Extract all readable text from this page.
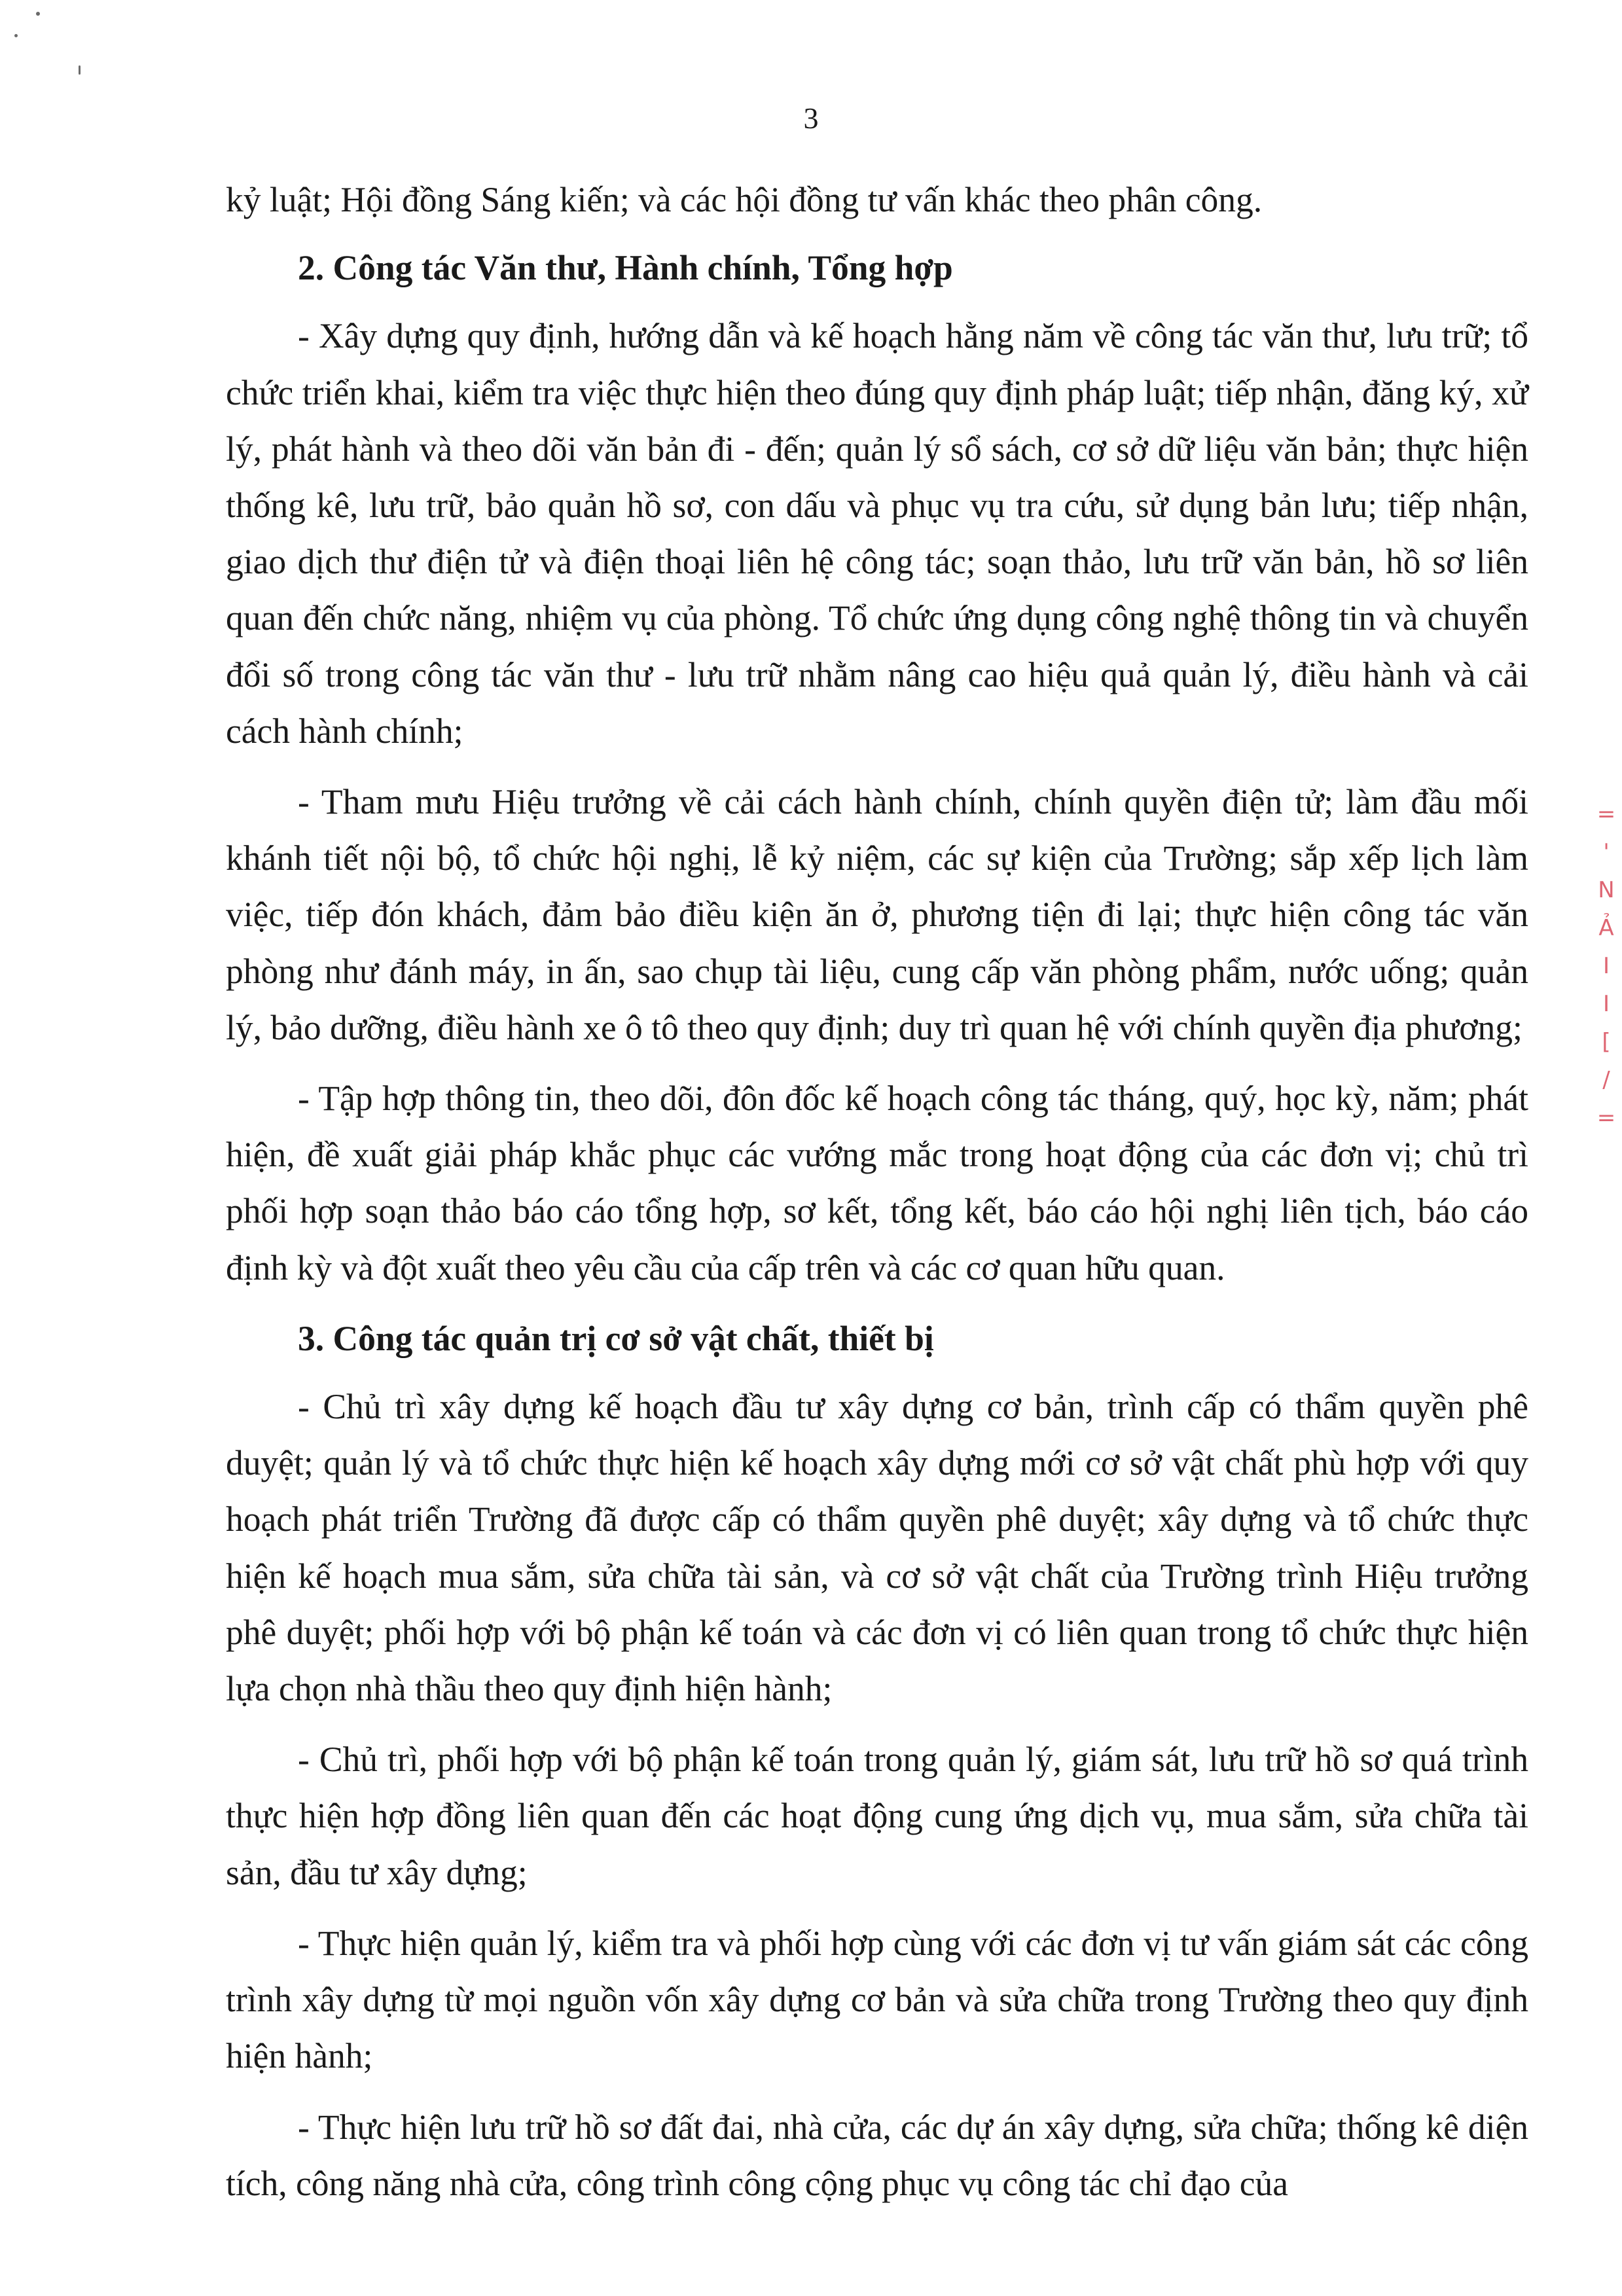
3

kỷ luật; Hội đồng Sáng kiến; và các hội đồng tư vấn khác theo phân công.

2. Công tác Văn thư, Hành chính, Tổng hợp

- Xây dựng quy định, hướng dẫn và kế hoạch hằng năm về công tác văn thư, lưu trữ; tổ chức triển khai, kiểm tra việc thực hiện theo đúng quy định pháp luật; tiếp nhận, đăng ký, xử lý, phát hành và theo dõi văn bản đi - đến; quản lý sổ sách, cơ sở dữ liệu văn bản; thực hiện thống kê, lưu trữ, bảo quản hồ sơ, con dấu và phục vụ tra cứu, sử dụng bản lưu; tiếp nhận, giao dịch thư điện tử và điện thoại liên hệ công tác; soạn thảo, lưu trữ văn bản, hồ sơ liên quan đến chức năng, nhiệm vụ của phòng. Tổ chức ứng dụng công nghệ thông tin và chuyển đổi số trong công tác văn thư - lưu trữ nhằm nâng cao hiệu quả quản lý, điều hành và cải cách hành chính;

- Tham mưu Hiệu trưởng về cải cách hành chính, chính quyền điện tử; làm đầu mối khánh tiết nội bộ, tổ chức hội nghị, lễ kỷ niệm, các sự kiện của Trường; sắp xếp lịch làm việc, tiếp đón khách, đảm bảo điều kiện ăn ở, phương tiện đi lại; thực hiện công tác văn phòng như đánh máy, in ấn, sao chụp tài liệu, cung cấp văn phòng phẩm, nước uống; quản lý, bảo dưỡng, điều hành xe ô tô theo quy định; duy trì quan hệ với chính quyền địa phương;

- Tập hợp thông tin, theo dõi, đôn đốc kế hoạch công tác tháng, quý, học kỳ, năm; phát hiện, đề xuất giải pháp khắc phục các vướng mắc trong hoạt động của các đơn vị; chủ trì phối hợp soạn thảo báo cáo tổng hợp, sơ kết, tổng kết, báo cáo hội nghị liên tịch, báo cáo định kỳ và đột xuất theo yêu cầu của cấp trên và các cơ quan hữu quan.

3. Công tác quản trị cơ sở vật chất, thiết bị

- Chủ trì xây dựng kế hoạch đầu tư xây dựng cơ bản, trình cấp có thẩm quyền phê duyệt; quản lý và tổ chức thực hiện kế hoạch xây dựng mới cơ sở vật chất phù hợp với quy hoạch phát triển Trường đã được cấp có thẩm quyền phê duyệt; xây dựng và tổ chức thực hiện kế hoạch mua sắm, sửa chữa tài sản, và cơ sở vật chất của Trường trình Hiệu trưởng phê duyệt; phối hợp với bộ phận kế toán và các đơn vị có liên quan trong tổ chức thực hiện lựa chọn nhà thầu theo quy định hiện hành;

- Chủ trì, phối hợp với bộ phận kế toán trong quản lý, giám sát, lưu trữ hồ sơ quá trình thực hiện hợp đồng liên quan đến các hoạt động cung ứng dịch vụ, mua sắm, sửa chữa tài sản, đầu tư xây dựng;

- Thực hiện quản lý, kiểm tra và phối hợp cùng với các đơn vị tư vấn giám sát các công trình xây dựng từ mọi nguồn vốn xây dựng cơ bản và sửa chữa trong Trường theo quy định hiện hành;

- Thực hiện lưu trữ hồ sơ đất đai, nhà cửa, các dự án xây dựng, sửa chữa; thống kê diện tích, công năng nhà cửa, công trình công cộng phục vụ công tác chỉ đạo của

=
'
N
Ả
Ι
Ι
[
/
=
